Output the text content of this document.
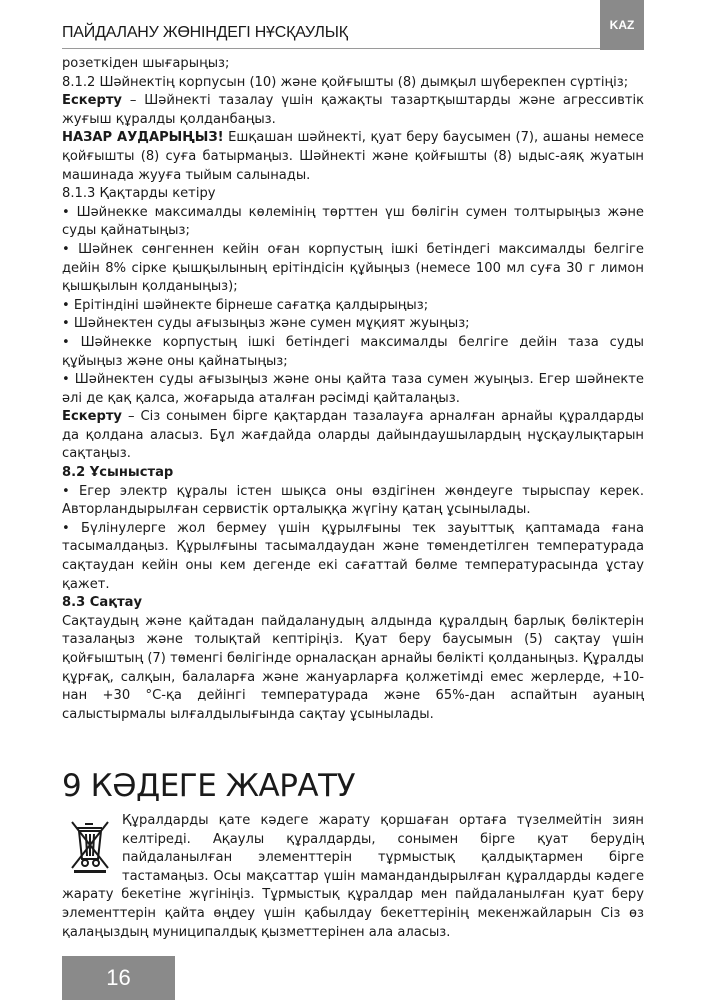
ПАЙДАЛАНУ ЖӨНІНДЕГІ НҰСҚАУЛЫҚ	KAZ

розеткіден шығарыңыз;

8.1.2 Шәйнектің корпусын (10) және қойғышты (8) дымқыл шүберекпен сүртіңіз;

Ескерту – Шәйнекті тазалау үшін қажақты тазартқыштарды және агрессивтік жуғыш құралды қолданбаңыз.

НАЗАР АУДАРЫҢЫЗ! Ешқашан шәйнекті, қуат беру баусымен (7), ашаны немесе қойғышты (8) суға батырмаңыз. Шәйнекті және қойғышты (8) ыдыс-аяқ жуатын машинада жууға тыйым салынады.

8.1.3 Қақтарды кетіру

• Шәйнекке максималды көлемінің төрттен үш бөлігін сумен толтырыңыз және суды қайнатыңыз;

• Шәйнек сөнгеннен кейін оған корпустың ішкі бетіндегі максималды белгіге дейін 8% сірке қышқылының ерітіндісін құйыңыз (немесе 100 мл суға 30 г лимон қышқылын қолданыңыз);

• Ерітіндіні шәйнекте бірнеше сағатқа қалдырыңыз;

• Шәйнектен суды ағызыңыз және сумен мұқият жуыңыз;

• Шәйнекке корпустың ішкі бетіндегі максималды белгіге дейін таза суды құйыңыз және оны қайнатыңыз;

• Шәйнектен суды ағызыңыз және оны қайта таза сумен жуыңыз. Егер шәйнекте әлі де қақ қалса, жоғарыда аталған рәсімді қайталаңыз.

Ескерту – Сіз сонымен бірге қақтардан тазалауға арналған арнайы құралдарды да қолдана аласыз. Бұл жағдайда оларды дайындаушылардың нұсқаулықтарын сақтаңыз.

8.2 Ұсыныстар

• Егер электр құралы істен шықса оны өздігінен жөндеуге тырыспау керек. Авторландырылған сервистік орталыққа жүгіну қатаң ұсынылады.

• Бүлінулерге жол бермеу үшін құрылғыны тек зауыттық қаптамада ғана тасымалдаңыз. Құрылғыны тасымалдаудан және төмендетілген температурада сақтаудан кейін оны кем дегенде екі сағаттай бөлме температурасында ұстау қажет.

8.3 Сақтау

Сақтаудың және қайтадан пайдаланудың алдында құралдың барлық бөліктерін тазалаңыз және толықтай кептіріңіз. Қуат беру баусымын (5) сақтау үшін қойғыштың (7) төменгі бөлігінде орналасқан арнайы бөлікті қолданыңыз. Құралды құрғақ, салқын, балаларға және жануарларға қолжетімді емес жерлерде, +10-нан +30 °С-қа дейінгі температурада және 65%-дан аспайтын ауаның салыстырмалы ылғалдылығында сақтау ұсынылады.

9 КӘДЕГЕ ЖАРАТУ

Құралдарды қате кәдеге жарату қоршаған ортаға түзелмейтін зиян келтіреді. Ақаулы құралдарды, сонымен бірге қуат берудің пайдаланылған элементтерін тұрмыстық қалдықтармен бірге тастамаңыз. Осы мақсаттар үшін мамандандырылған құралдарды кәдеге жарату бекетіне жүгініңіз. Тұрмыстық құралдар мен пайдаланылған қуат беру элементтерін қайта өңдеу үшін қабылдау бекеттерінің мекенжайларын Сіз өз қалаңыздың муниципалдық қызметтерінен ала аласыз.

16
